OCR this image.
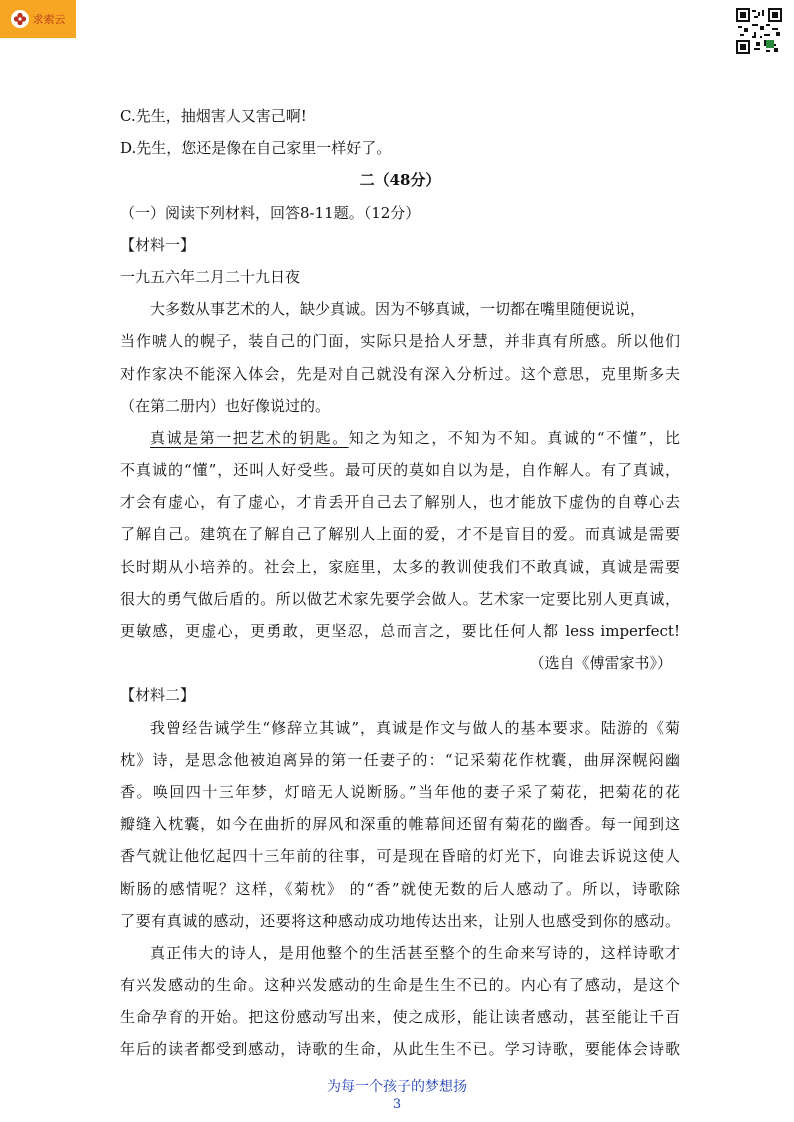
求索云
C.先生，抽烟害人又害己啊!
D.先生，您还是像在自己家里一样好了。
二（48分）
（一）阅读下列材料，回答8-11题。（12分）
【材料一】
一九五六年二月二十九日夜
大多数从事艺术的人，缺少真诚。因为不够真诚，一切都在嘴里随便说说，
当作唬人的幌子，装自己的门面，实际只是拾人牙慧，并非真有所感。所以他们
对作家决不能深入体会，先是对自己就没有深入分析过。这个意思，克里斯多夫
（在第二册内）也好像说过的。
真诚是第一把艺术的钥匙。知之为知之，不知为不知。真诚的“不懂”，比
不真诚的“懂”，还叫人好受些。最可厌的莫如自以为是，自作解人。有了真诚，
才会有虚心，有了虚心，才肯丢开自己去了解别人，也才能放下虚伪的自尊心去
了解自己。建筑在了解自己了解别人上面的爱，才不是盲目的爱。而真诚是需要
长时期从小培养的。社会上，家庭里，太多的教训使我们不敢真诚，真诚是需要
很大的勇气做后盾的。所以做艺术家先要学会做人。艺术家一定要比别人更真诚，
更敏感，更虚心，更勇敢，更坚忍，总而言之，要比任何人都 less imperfect!
（选自《傅雷家书》）
【材料二】
我曾经告诫学生“修辞立其诚”，真诚是作文与做人的基本要求。陆游的《菊
枕》诗，是思念他被迫离异的第一任妻子的：“记采菊花作枕囊，曲屏深幌闷幽
香。唤回四十三年梦，灯暗无人说断肠。”当年他的妻子采了菊花，把菊花的花
瓣缝入枕囊，如今在曲折的屏风和深重的帷幕间还留有菊花的幽香。每一闻到这
香气就让他忆起四十三年前的往事，可是现在昏暗的灯光下，向谁去诉说这使人
断肠的感情呢？这样，《菊枕》 的“香”就使无数的后人感动了。所以，诗歌除
了要有真诚的感动，还要将这种感动成功地传达出来，让别人也感受到你的感动。
真正伟大的诗人，是用他整个的生活甚至整个的生命来写诗的，这样诗歌才
有兴发感动的生命。这种兴发感动的生命是生生不已的。内心有了感动，是这个
生命孕育的开始。把这份感动写出来，使之成形，能让读者感动，甚至能让千百
年后的读者都受到感动，诗歌的生命，从此生生不已。学习诗歌，要能体会诗歌
为每一个孩子的梦想扬
3
